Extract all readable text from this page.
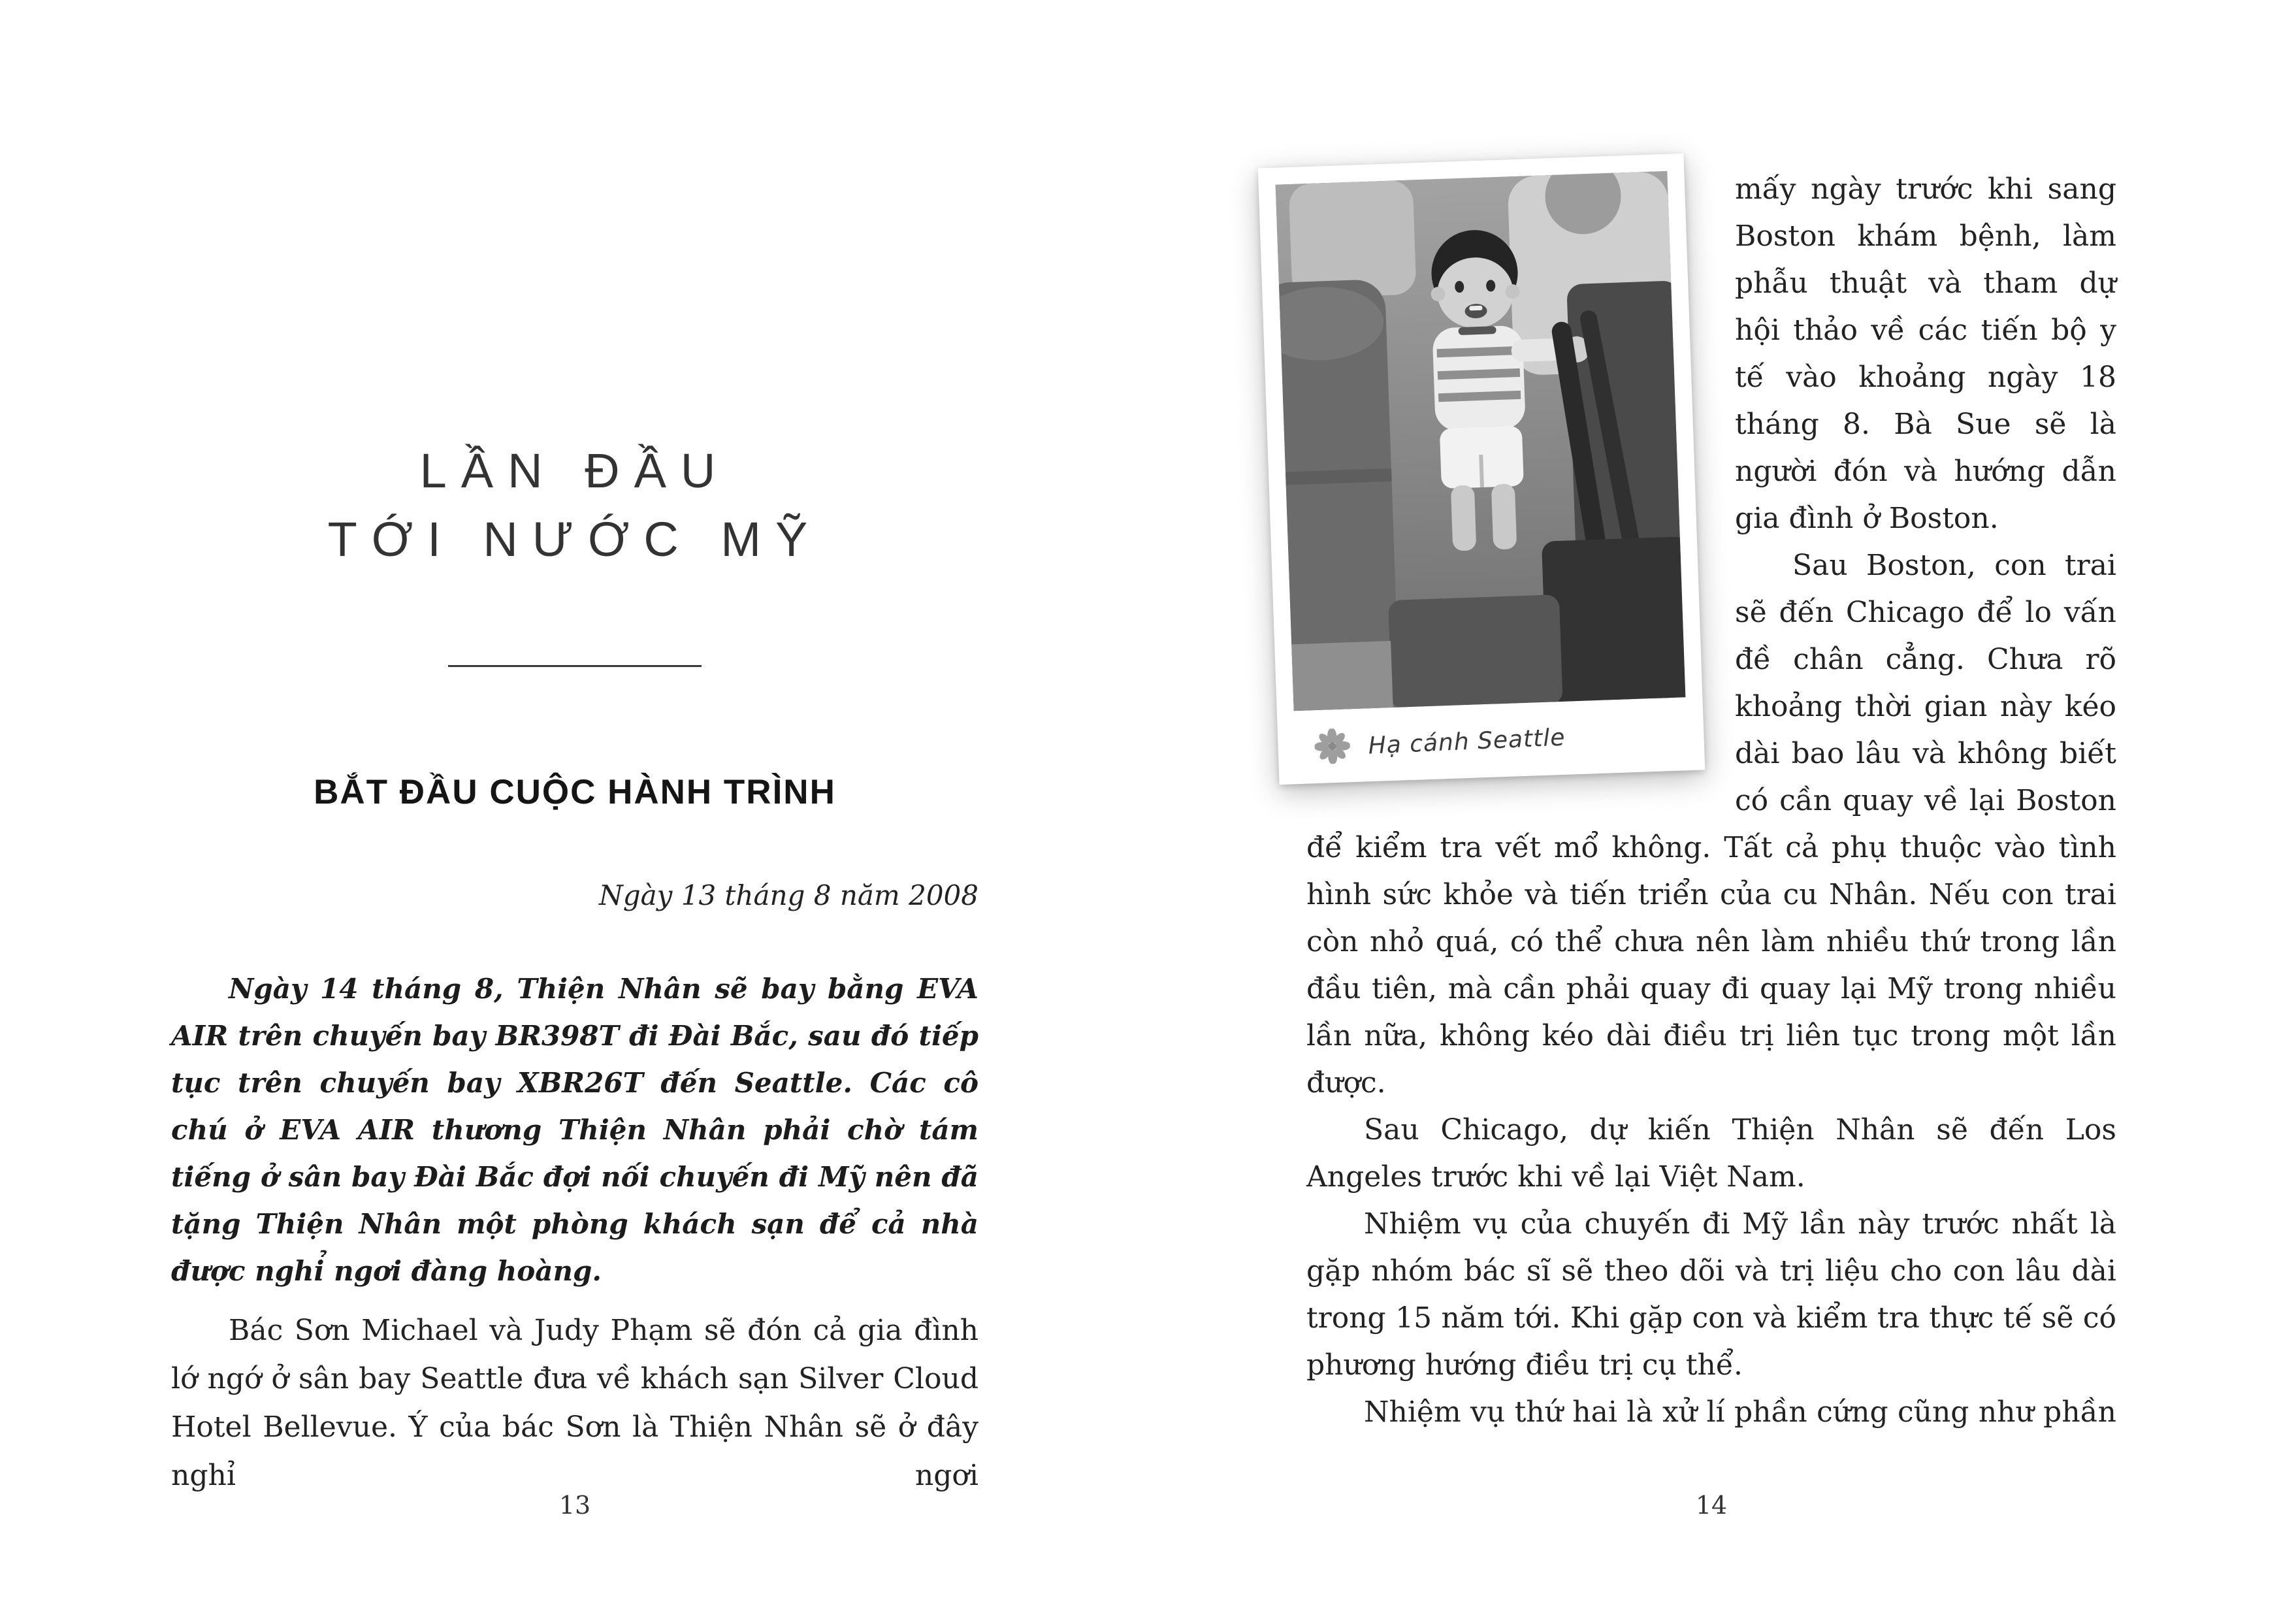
LẦN ĐẦU
TỚI NƯỚC MỸ
BẮT ĐẦU CUỘC HÀNH TRÌNH
Ngày 13 tháng 8 năm 2008
Ngày 14 tháng 8, Thiện Nhân sẽ bay bằng EVA AIR trên chuyến bay BR398T đi Đài Bắc, sau đó tiếp tục trên chuyến bay XBR26T đến Seattle. Các cô chú ở EVA AIR thương Thiện Nhân phải chờ tám tiếng ở sân bay Đài Bắc đợi nối chuyến đi Mỹ nên đã tặng Thiện Nhân một phòng khách sạn để cả nhà được nghỉ ngơi đàng hoàng.
Bác Sơn Michael và Judy Phạm sẽ đón cả gia đình lớ ngớ ở sân bay Seattle đưa về khách sạn Silver Cloud Hotel Bellevue. Ý của bác Sơn là Thiện Nhân sẽ ở đây nghỉ ngơi
13
Hạ cánh Seattle

mấy ngày trước khi sang Boston khám bệnh, làm phẫu thuật và tham dự hội thảo về các tiến bộ y tế vào khoảng ngày 18 tháng 8. Bà Sue sẽ là người đón và hướng dẫn gia đình ở Boston.

Sau Boston, con trai sẽ đến Chicago để lo vấn đề chân cẳng. Chưa rõ khoảng thời gian này kéo dài bao lâu và không biết có cần quay về lại Boston để kiểm tra vết mổ không. Tất cả phụ thuộc vào tình hình sức khỏe và tiến triển của cu Nhân. Nếu con trai còn nhỏ quá, có thể chưa nên làm nhiều thứ trong lần đầu tiên, mà cần phải quay đi quay lại Mỹ trong nhiều lần nữa, không kéo dài điều trị liên tục trong một lần được.

Sau Chicago, dự kiến Thiện Nhân sẽ đến Los Angeles trước khi về lại Việt Nam.

Nhiệm vụ của chuyến đi Mỹ lần này trước nhất là gặp nhóm bác sĩ sẽ theo dõi và trị liệu cho con lâu dài trong 15 năm tới. Khi gặp con và kiểm tra thực tế sẽ có phương hướng điều trị cụ thể.

Nhiệm vụ thứ hai là xử lí phần cứng cũng như phần

14
